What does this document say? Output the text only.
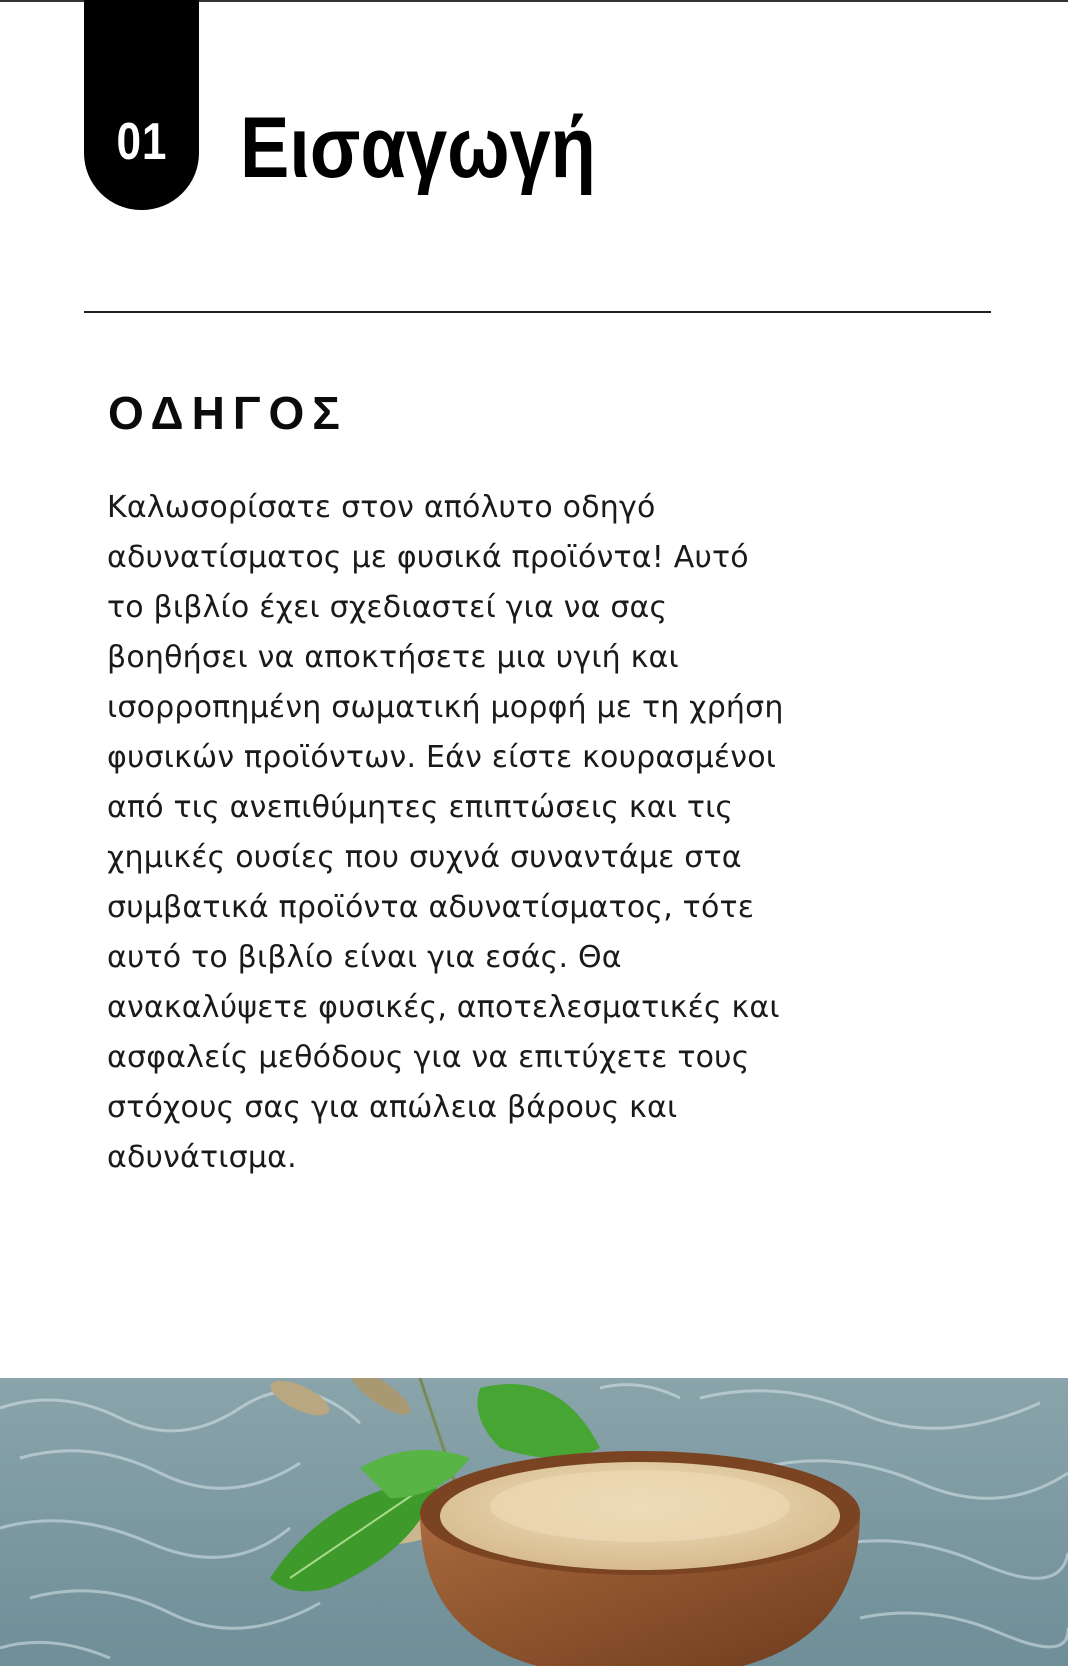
01 Εισαγωγή
ΟΔΗΓΟΣ

Καλωσορίσατε στον απόλυτο οδηγό
αδυνατίσματος με φυσικά προϊόντα! Αυτό
το βιβλίο έχει σχεδιαστεί για να σας
βοηθήσει να αποκτήσετε μια υγιή και
ισορροπημένη σωματική μορφή με τη χρήση
φυσικών προϊόντων. Εάν είστε κουρασμένοι
από τις ανεπιθύμητες επιπτώσεις και τις
χημικές ουσίες που συχνά συναντάμε στα
συμβατικά προϊόντα αδυνατίσματος, τότε
αυτό το βιβλίο είναι για εσάς. Θα
ανακαλύψετε φυσικές, αποτελεσματικές και
ασφαλείς μεθόδους για να επιτύχετε τους
στόχους σας για απώλεια βάρους και
αδυνάτισμα.
